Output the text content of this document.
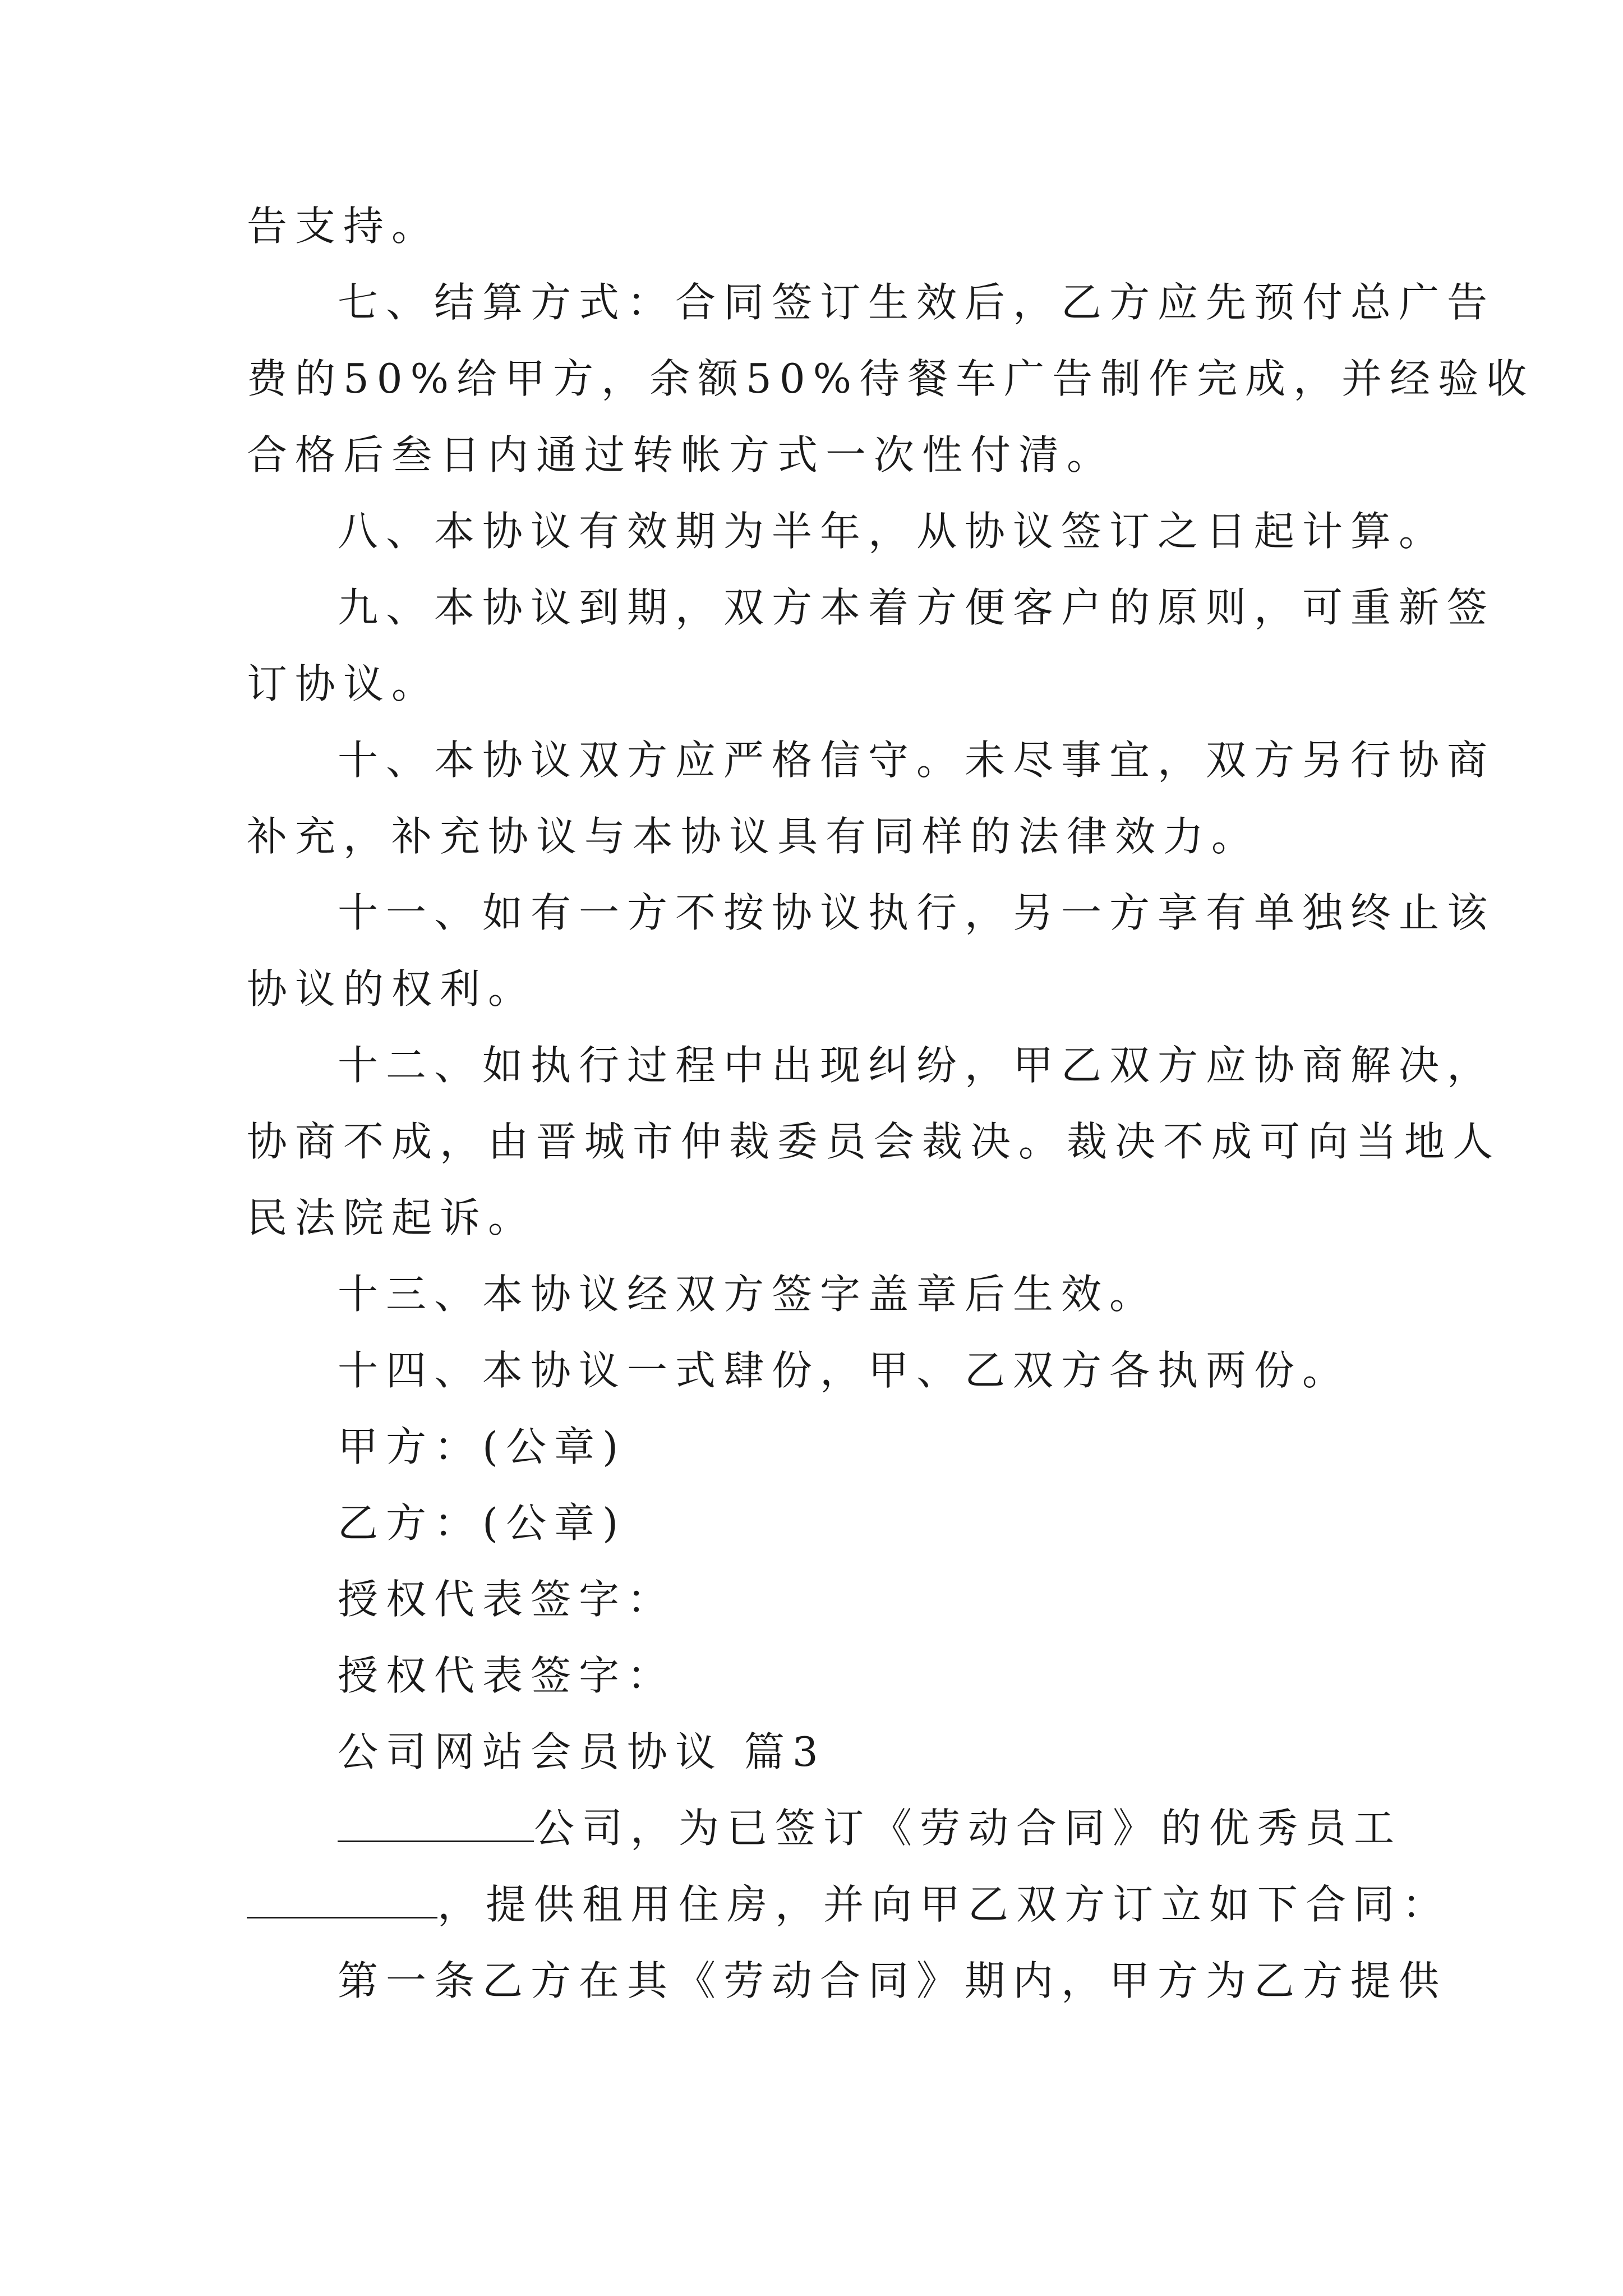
告支持。

七、结算方式：合同签订生效后，乙方应先预付总广告
费的50%给甲方，余额50%待餐车广告制作完成，并经验收
合格后叁日内通过转帐方式一次性付清。

八、本协议有效期为半年，从协议签订之日起计算。

九、本协议到期，双方本着方便客户的原则，可重新签
订协议。

十、本协议双方应严格信守。未尽事宜，双方另行协商
补充，补充协议与本协议具有同样的法律效力。

十一、如有一方不按协议执行，另一方享有单独终止该
协议的权利。

十二、如执行过程中出现纠纷，甲乙双方应协商解决，
协商不成，由晋城市仲裁委员会裁决。裁决不成可向当地人
民法院起诉。

十三、本协议经双方签字盖章后生效。

十四、本协议一式肆份，甲、乙双方各执两份。

甲方：(公章)

乙方：(公章)

授权代表签字：

授权代表签字：

公司网站会员协议 篇3

公司，为已签订《劳动合同》的优秀员工
，提供租用住房，并向甲乙双方订立如下合同：

第一条乙方在其《劳动合同》期内，甲方为乙方提供
